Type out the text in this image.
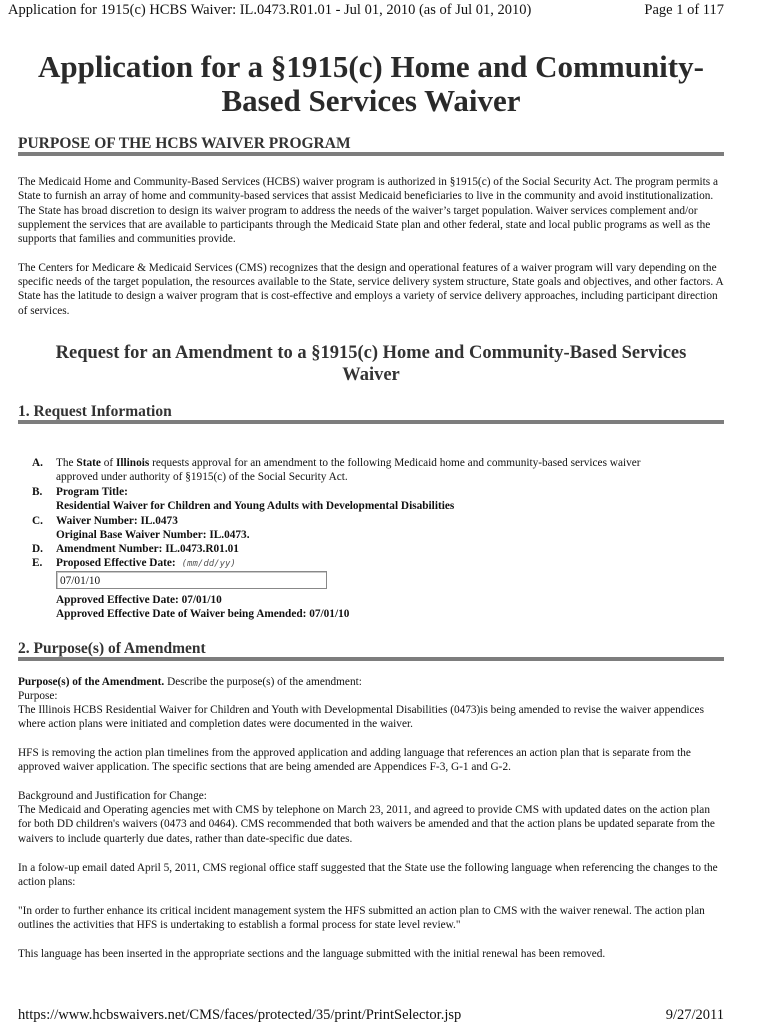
Application for 1915(c) HCBS Waiver: IL.0473.R01.01 - Jul 01, 2010 (as of Jul 01, 2010)	Page 1 of 117
Application for a §1915(c) Home and Community-
Based Services Waiver
PURPOSE OF THE HCBS WAIVER PROGRAM

The Medicaid Home and Community-Based Services (HCBS) waiver program is authorized in §1915(c) of the Social Security Act. The program permits a State to furnish an array of home and community-based services that assist Medicaid beneficiaries to live in the community and avoid institutionalization. The State has broad discretion to design its waiver program to address the needs of the waiver’s target population. Waiver services complement and/or supplement the services that are available to participants through the Medicaid State plan and other federal, state and local public programs as well as the supports that families and communities provide.

The Centers for Medicare & Medicaid Services (CMS) recognizes that the design and operational features of a waiver program will vary depending on the specific needs of the target population, the resources available to the State, service delivery system structure, State goals and objectives, and other factors. A State has the latitude to design a waiver program that is cost-effective and employs a variety of service delivery approaches, including participant direction of services.

Request for an Amendment to a §1915(c) Home and Community-Based Services
Waiver
1. Request Information
A. The State of Illinois requests approval for an amendment to the following Medicaid home and community-based services waiver
approved under authority of §1915(c) of the Social Security Act.
B. Program Title:
Residential Waiver for Children and Young Adults with Developmental Disabilities
C. Waiver Number: IL.0473
Original Base Waiver Number: IL.0473.
D. Amendment Number: IL.0473.R01.01
E. Proposed Effective Date: (mm/dd/yy)
07/01/10
Approved Effective Date: 07/01/10
Approved Effective Date of Waiver being Amended: 07/01/10
2. Purpose(s) of Amendment

Purpose(s) of the Amendment. Describe the purpose(s) of the amendment:

Purpose:
The Illinois HCBS Residential Waiver for Children and Youth with Developmental Disabilities (0473)is being amended to revise the waiver appendices where action plans were initiated and completion dates were documented in the waiver.
HFS is removing the action plan timelines from the approved application and adding language that references an action plan that is separate from the approved waiver application. The specific sections that are being amended are Appendices F-3, G-1 and G-2.
Background and Justification for Change:
The Medicaid and Operating agencies met with CMS by telephone on March 23, 2011, and agreed to provide CMS with updated dates on the action plan for both DD children's waivers (0473 and 0464). CMS recommended that both waivers be amended and that the action plans be updated separate from the waivers to include quarterly due dates, rather than date-specific due dates.
In a folow-up email dated April 5, 2011, CMS regional office staff suggested that the State use the following language when referencing the changes to the action plans:
"In order to further enhance its critical incident management system the HFS submitted an action plan to CMS with the waiver renewal. The action plan outlines the activities that HFS is undertaking to establish a formal process for state level review."
This language has been inserted in the appropriate sections and the language submitted with the initial renewal has been removed.
https://www.hcbswaivers.net/CMS/faces/protected/35/print/PrintSelector.jsp	9/27/2011
